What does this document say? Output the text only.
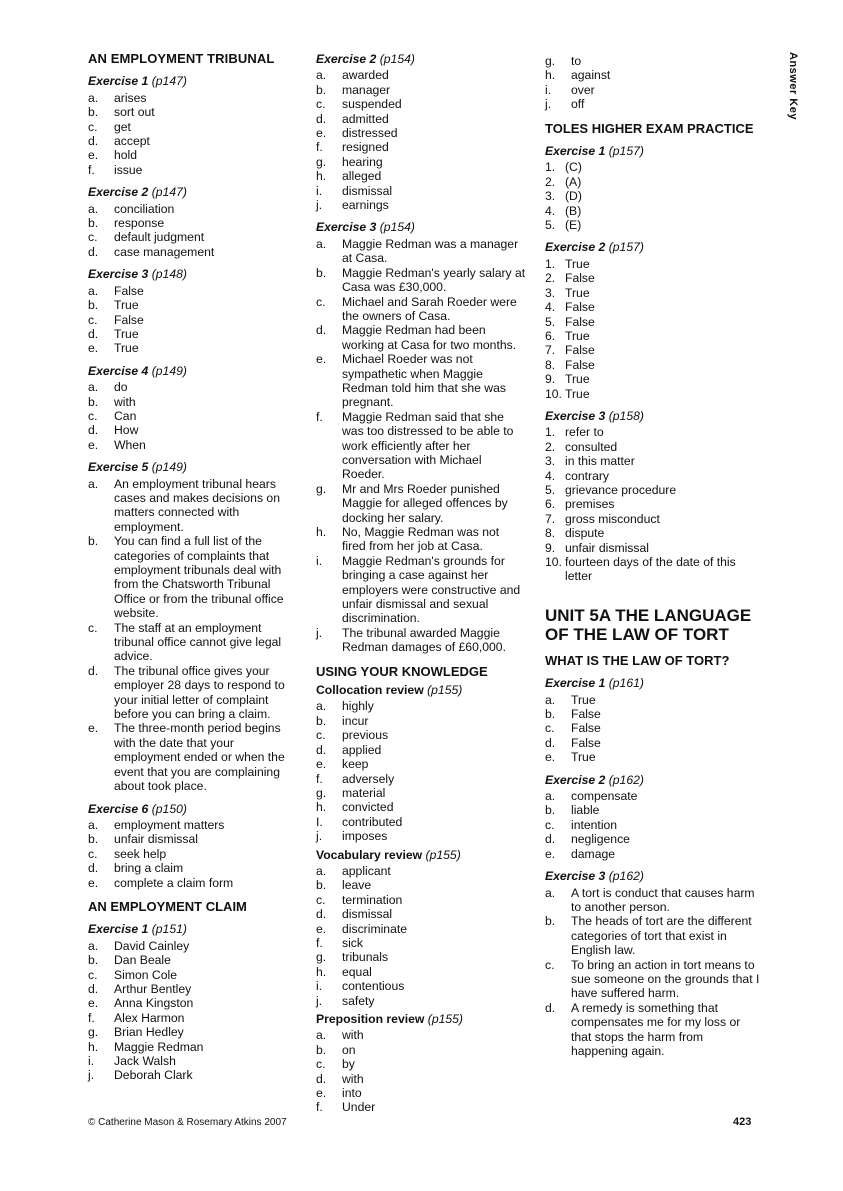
Answer Key
AN EMPLOYMENT TRIBUNAL
Exercise 1 (p147)
a.	arises
b.	sort out
c.	get
d.	accept
e.	hold
f.	issue
Exercise 2 (p147)
a.	conciliation
b.	response
c.	default judgment
d.	case management
Exercise 3 (p148)
a.	False
b.	True
c.	False
d.	True
e.	True
Exercise 4 (p149)
a.	do
b.	with
c.	Can
d.	How
e.	When
Exercise 5 (p149)
a.	An employment tribunal hears cases and makes decisions on matters connected with employment.
b.	You can find a full list of the categories of complaints that employment tribunals deal with from the Chatsworth Tribunal Office or from the tribunal office website.
c.	The staff at an employment tribunal office cannot give legal advice.
d.	The tribunal office gives your employer 28 days to respond to your initial letter of complaint before you can bring a claim.
e.	The three-month period begins with the date that your employment ended or when the event that you are complaining about took place.
Exercise 6 (p150)
a.	employment matters
b.	unfair dismissal
c.	seek help
d.	bring a claim
e.	complete a claim form
AN EMPLOYMENT CLAIM
Exercise 1 (p151)
a.	David Cainley
b.	Dan Beale
c.	Simon Cole
d.	Arthur Bentley
e.	Anna Kingston
f.	Alex Harmon
g.	Brian Hedley
h.	Maggie Redman
i.	Jack Walsh
j.	Deborah Clark
Exercise 2 (p154)
a.	awarded
b.	manager
c.	suspended
d.	admitted
e.	distressed
f.	resigned
g.	hearing
h.	alleged
i.	dismissal
j.	earnings
Exercise 3 (p154)
a.	Maggie Redman was a manager at Casa.
b.	Maggie Redman's yearly salary at Casa was £30,000.
c.	Michael and Sarah Roeder were the owners of Casa.
d.	Maggie Redman had been working at Casa for two months.
e.	Michael Roeder was not sympathetic when Maggie Redman told him that she was pregnant.
f.	Maggie Redman said that she was too distressed to be able to work efficiently after her conversation with Michael Roeder.
g.	Mr and Mrs Roeder punished Maggie for alleged offences by docking her salary.
h.	No, Maggie Redman was not fired from her job at Casa.
i.	Maggie Redman's grounds for bringing a case against her employers were constructive and unfair dismissal and sexual discrimination.
j.	The tribunal awarded Maggie Redman damages of £60,000.
USING YOUR KNOWLEDGE
Collocation review (p155)
a.	highly
b.	incur
c.	previous
d.	applied
e.	keep
f.	adversely
g.	material
h.	convicted
I.	contributed
j.	imposes
Vocabulary review (p155)
a.	applicant
b.	leave
c.	termination
d.	dismissal
e.	discriminate
f.	sick
g.	tribunals
h.	equal
i.	contentious
j.	safety
Preposition review (p155)
a.	with
b.	on
c.	by
d.	with
e.	into
f.	Under
g.	to
h.	against
i.	over
j.	off
TOLES HIGHER EXAM PRACTICE
Exercise 1 (p157)
1. (C)
2. (A)
3. (D)
4. (B)
5. (E)
Exercise 2 (p157)
1. True
2. False
3. True
4. False
5. False
6. True
7. False
8. False
9. True
10. True
Exercise 3 (p158)
1. refer to
2. consulted
3. in this matter
4. contrary
5. grievance procedure
6. premises
7. gross misconduct
8. dispute
9. unfair dismissal
10. fourteen days of the date of this letter
UNIT 5A THE LANGUAGE OF THE LAW OF TORT
WHAT IS THE LAW OF TORT?
Exercise 1 (p161)
a.	True
b.	False
c.	False
d.	False
e.	True
Exercise 2 (p162)
a.	compensate
b.	liable
c.	intention
d.	negligence
e.	damage
Exercise 3 (p162)
a.	A tort is conduct that causes harm to another person.
b.	The heads of tort are the different categories of tort that exist in English law.
c.	To bring an action in tort means to sue someone on the grounds that I have suffered harm.
d.	A remedy is something that compensates me for my loss or that stops the harm from happening again.
© Catherine Mason & Rosemary Atkins 2007	423
